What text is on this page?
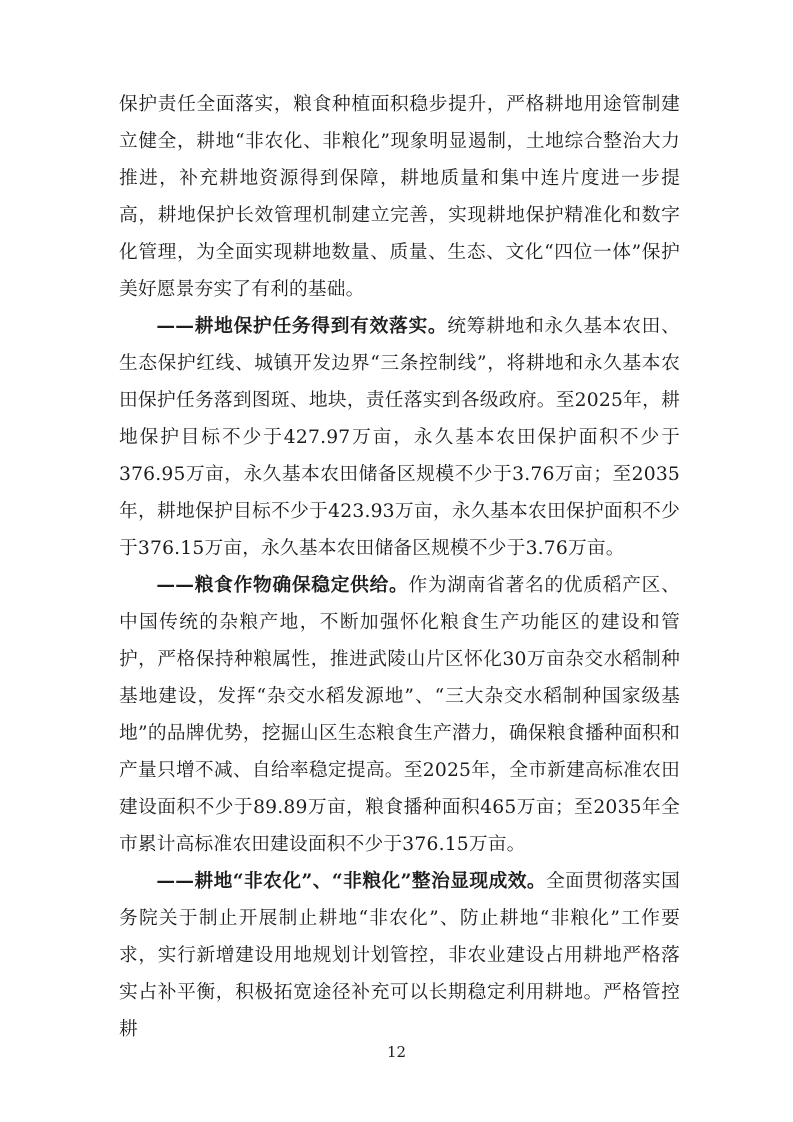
保护责任全面落实，粮食种植面积稳步提升，严格耕地用途管制建立健全，耕地“非农化、非粮化”现象明显遏制，土地综合整治大力推进，补充耕地资源得到保障，耕地质量和集中连片度进一步提高，耕地保护长效管理机制建立完善，实现耕地保护精准化和数字化管理，为全面实现耕地数量、质量、生态、文化“四位一体”保护美好愿景夯实了有利的基础。

——耕地保护任务得到有效落实。统筹耕地和永久基本农田、生态保护红线、城镇开发边界“三条控制线”，将耕地和永久基本农田保护任务落到图斑、地块，责任落实到各级政府。至2025年，耕地保护目标不少于427.97万亩，永久基本农田保护面积不少于376.95万亩，永久基本农田储备区规模不少于3.76万亩；至2035年，耕地保护目标不少于423.93万亩，永久基本农田保护面积不少于376.15万亩，永久基本农田储备区规模不少于3.76万亩。

——粮食作物确保稳定供给。作为湖南省著名的优质稻产区、中国传统的杂粮产地，不断加强怀化粮食生产功能区的建设和管护，严格保持种粮属性，推进武陵山片区怀化30万亩杂交水稻制种基地建设，发挥“杂交水稻发源地”、“三大杂交水稻制种国家级基地”的品牌优势，挖掘山区生态粮食生产潜力，确保粮食播种面积和产量只增不减、自给率稳定提高。至2025年，全市新建高标准农田建设面积不少于89.89万亩，粮食播种面积465万亩；至2035年全市累计高标准农田建设面积不少于376.15万亩。

——耕地“非农化”、“非粮化”整治显现成效。全面贯彻落实国务院关于制止开展制止耕地“非农化”、防止耕地“非粮化”工作要求，实行新增建设用地规划计划管控，非农业建设占用耕地严格落实占补平衡，积极拓宽途径补充可以长期稳定利用耕地。严格管控耕

12
